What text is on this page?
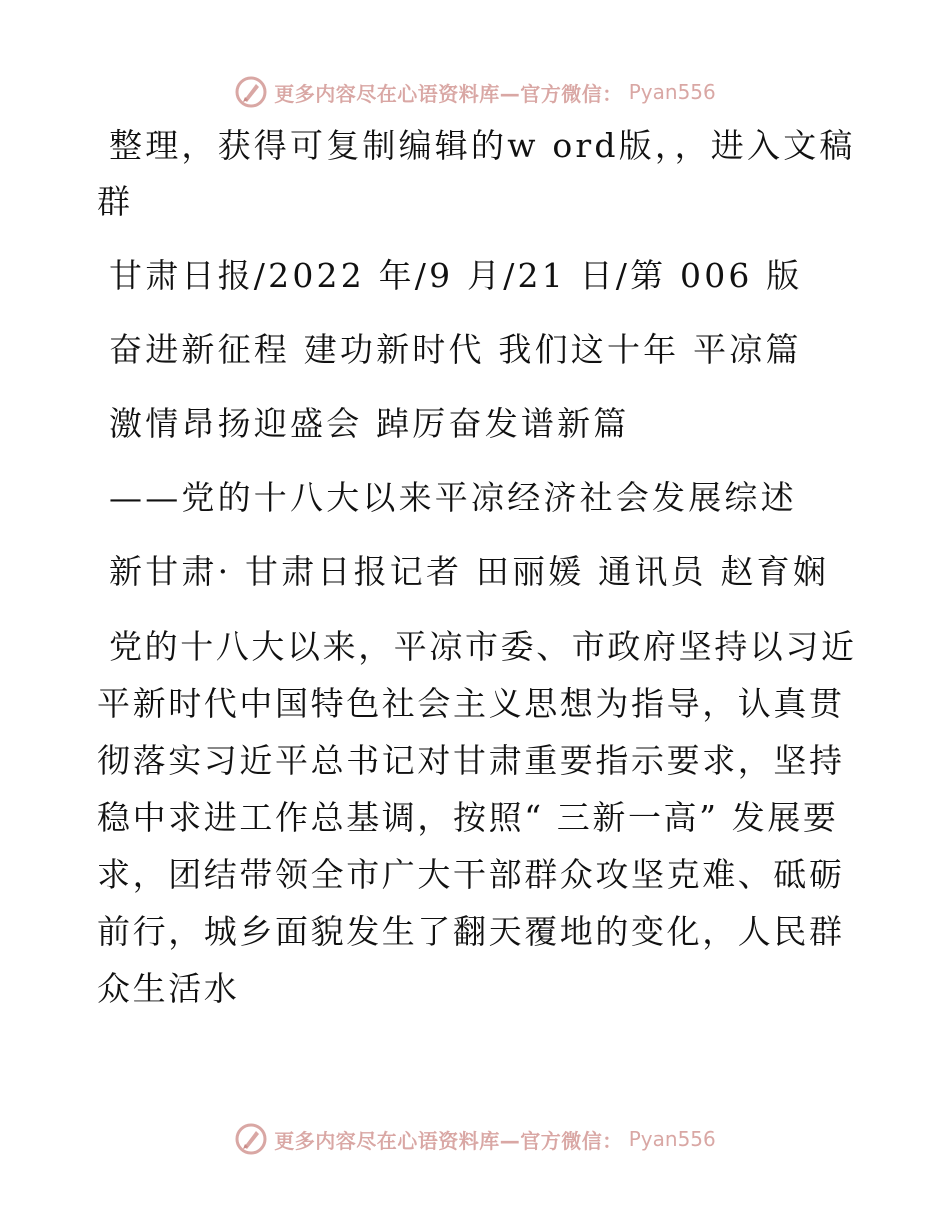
更多内容尽在心语资料库—官方微信： Pyan556

整理，获得可复制编辑的w ord版，，进入文稿群

甘肃日报/2022 年/9 月/21 日/第 006 版

奋进新征程 建功新时代 我们这十年 平凉篇

激情昂扬迎盛会 踔厉奋发谱新篇

——党的十八大以来平凉经济社会发展综述

新甘肃· 甘肃日报记者 田丽媛 通讯员 赵育娴

党的十八大以来，平凉市委、市政府坚持以习近平新时代中国特色社会主义思想为指导，认真贯彻落实习近平总书记对甘肃重要指示要求，坚持稳中求进工作总基调，按照“ 三新一高” 发展要求，团结带领全市广大干部群众攻坚克难、砥砺前行，城乡面貌发生了翻天覆地的变化，人民群众生活水

更多内容尽在心语资料库—官方微信： Pyan556
